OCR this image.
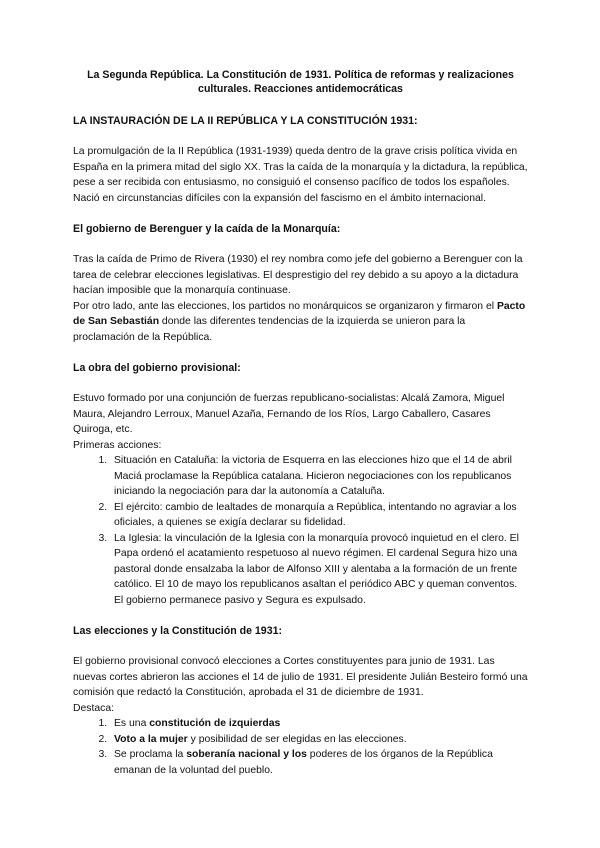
La Segunda República. La Constitución de 1931. Política de reformas y realizaciones culturales. Reacciones antidemocráticas

LA INSTAURACIÓN DE LA II REPÚBLICA Y LA CONSTITUCIÓN 1931:

La promulgación de la II República (1931-1939) queda dentro de la grave crisis política vivida en España en la primera mitad del siglo XX. Tras la caída de la monarquía y la dictadura, la república, pese a ser recibida con entusiasmo, no consiguió el consenso pacífico de todos los españoles. Nació en circunstancias difíciles con la expansión del fascismo en el ámbito internacional.

El gobierno de Berenguer y la caída de la Monarquía:

Tras la caída de Primo de Rivera (1930) el rey nombra como jefe del gobierno a Berenguer con la tarea de celebrar elecciones legislativas. El desprestigio del rey debido a su apoyo a la dictadura hacían imposible que la monarquía continuase.

Por otro lado, ante las elecciones, los partidos no monárquicos se organizaron y firmaron el Pacto de San Sebastián donde las diferentes tendencias de la izquierda se unieron para la proclamación de la República.

La obra del gobierno provisional:

Estuvo formado por una conjunción de fuerzas republicano-socialistas: Alcalá Zamora, Miguel Maura, Alejandro Lerroux, Manuel Azaña, Fernando de los Ríos, Largo Caballero, Casares Quiroga, etc.

Primeras acciones:

1. Situación en Cataluña: la victoria de Esquerra en las elecciones hizo que el 14 de abril Maciá proclamase la República catalana. Hicieron negociaciones con los republicanos iniciando la negociación para dar la autonomía a Cataluña.
2. El ejército: cambio de lealtades de monarquía a República, intentando no agraviar a los oficiales, a quienes se exigía declarar su fidelidad.
3. La Iglesia: la vinculación de la Iglesia con la monarquía provocó inquietud en el clero. El Papa ordenó el acatamiento respetuoso al nuevo régimen. El cardenal Segura hizo una pastoral donde ensalzaba la labor de Alfonso XIII y alentaba a la formación de un frente católico. El 10 de mayo los republicanos asaltan el periódico ABC y queman conventos. El gobierno permanece pasivo y Segura es expulsado.
Las elecciones y la Constitución de 1931:

El gobierno provisional convocó elecciones a Cortes constituyentes para junio de 1931. Las nuevas cortes abrieron las acciones el 14 de julio de 1931. El presidente Julián Besteiro formó una comisión que redactó la Constitución, aprobada el 31 de diciembre de 1931.

Destaca:

1. Es una constitución de izquierdas
2. Voto a la mujer y posibilidad de ser elegidas en las elecciones.
3. Se proclama la soberanía nacional y los poderes de los órganos de la República emanan de la voluntad del pueblo.
